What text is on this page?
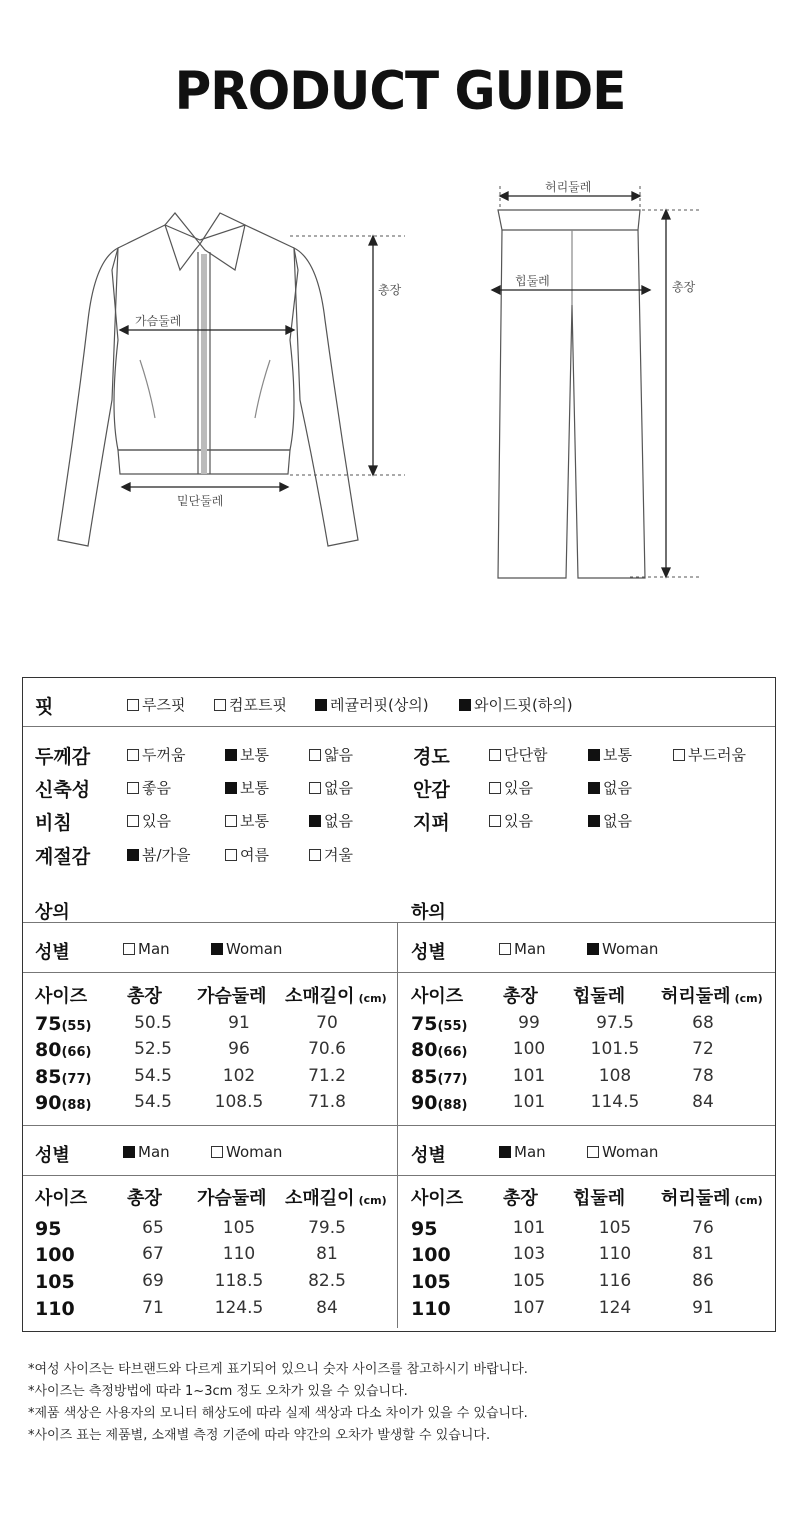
PRODUCT GUIDE
가슴둘레
총장
밑단둘레
허리둘레
힙둘레	총장
핏	루즈핏	컴포트핏	레귤러핏(상의)	와이드핏(하의)
두께감	두꺼움	보통	얇음
신축성	좋음	보통	없음
비침	있음	보통	없음
계절감	봄/가을	여름	겨울
경도	단단함	보통	부드러움
안감	있음	없음
지퍼	있음	없음
상의	하의
성별	Man	Woman
사이즈 총장 가슴둘레 소매길이 (cm)
75(55)	50.5	91	70
80(66)	52.5	96	70.6
85(77)	54.5	102	71.2
90(88)	54.5	108.5	71.8
성별	Man	Woman
사이즈 총장 가슴둘레 소매길이 (cm)
95	65	105	79.5
100	67	110	81
105	69	118.5	82.5
110	71	124.5	84
성별	Man	Woman
사이즈 총장 힙둘레 허리둘레 (cm)
75(55)	99	97.5	68
80(66)	100	101.5	72
85(77)	101	108	78
90(88)	101	114.5	84
성별	Man	Woman
사이즈 총장 힙둘레 허리둘레 (cm)
95	101	105	76
100	103	110	81
105	105	116	86
110	107	124	91
*여성 사이즈는 타브랜드와 다르게 표기되어 있으니 숫자 사이즈를 참고하시기 바랍니다.
*사이즈는 측정방법에 따라 1~3cm 정도 오차가 있을 수 있습니다.
*제품 색상은 사용자의 모니터 해상도에 따라 실제 색상과 다소 차이가 있을 수 있습니다.
*사이즈 표는 제품별, 소재별 측정 기준에 따라 약간의 오차가 발생할 수 있습니다.
